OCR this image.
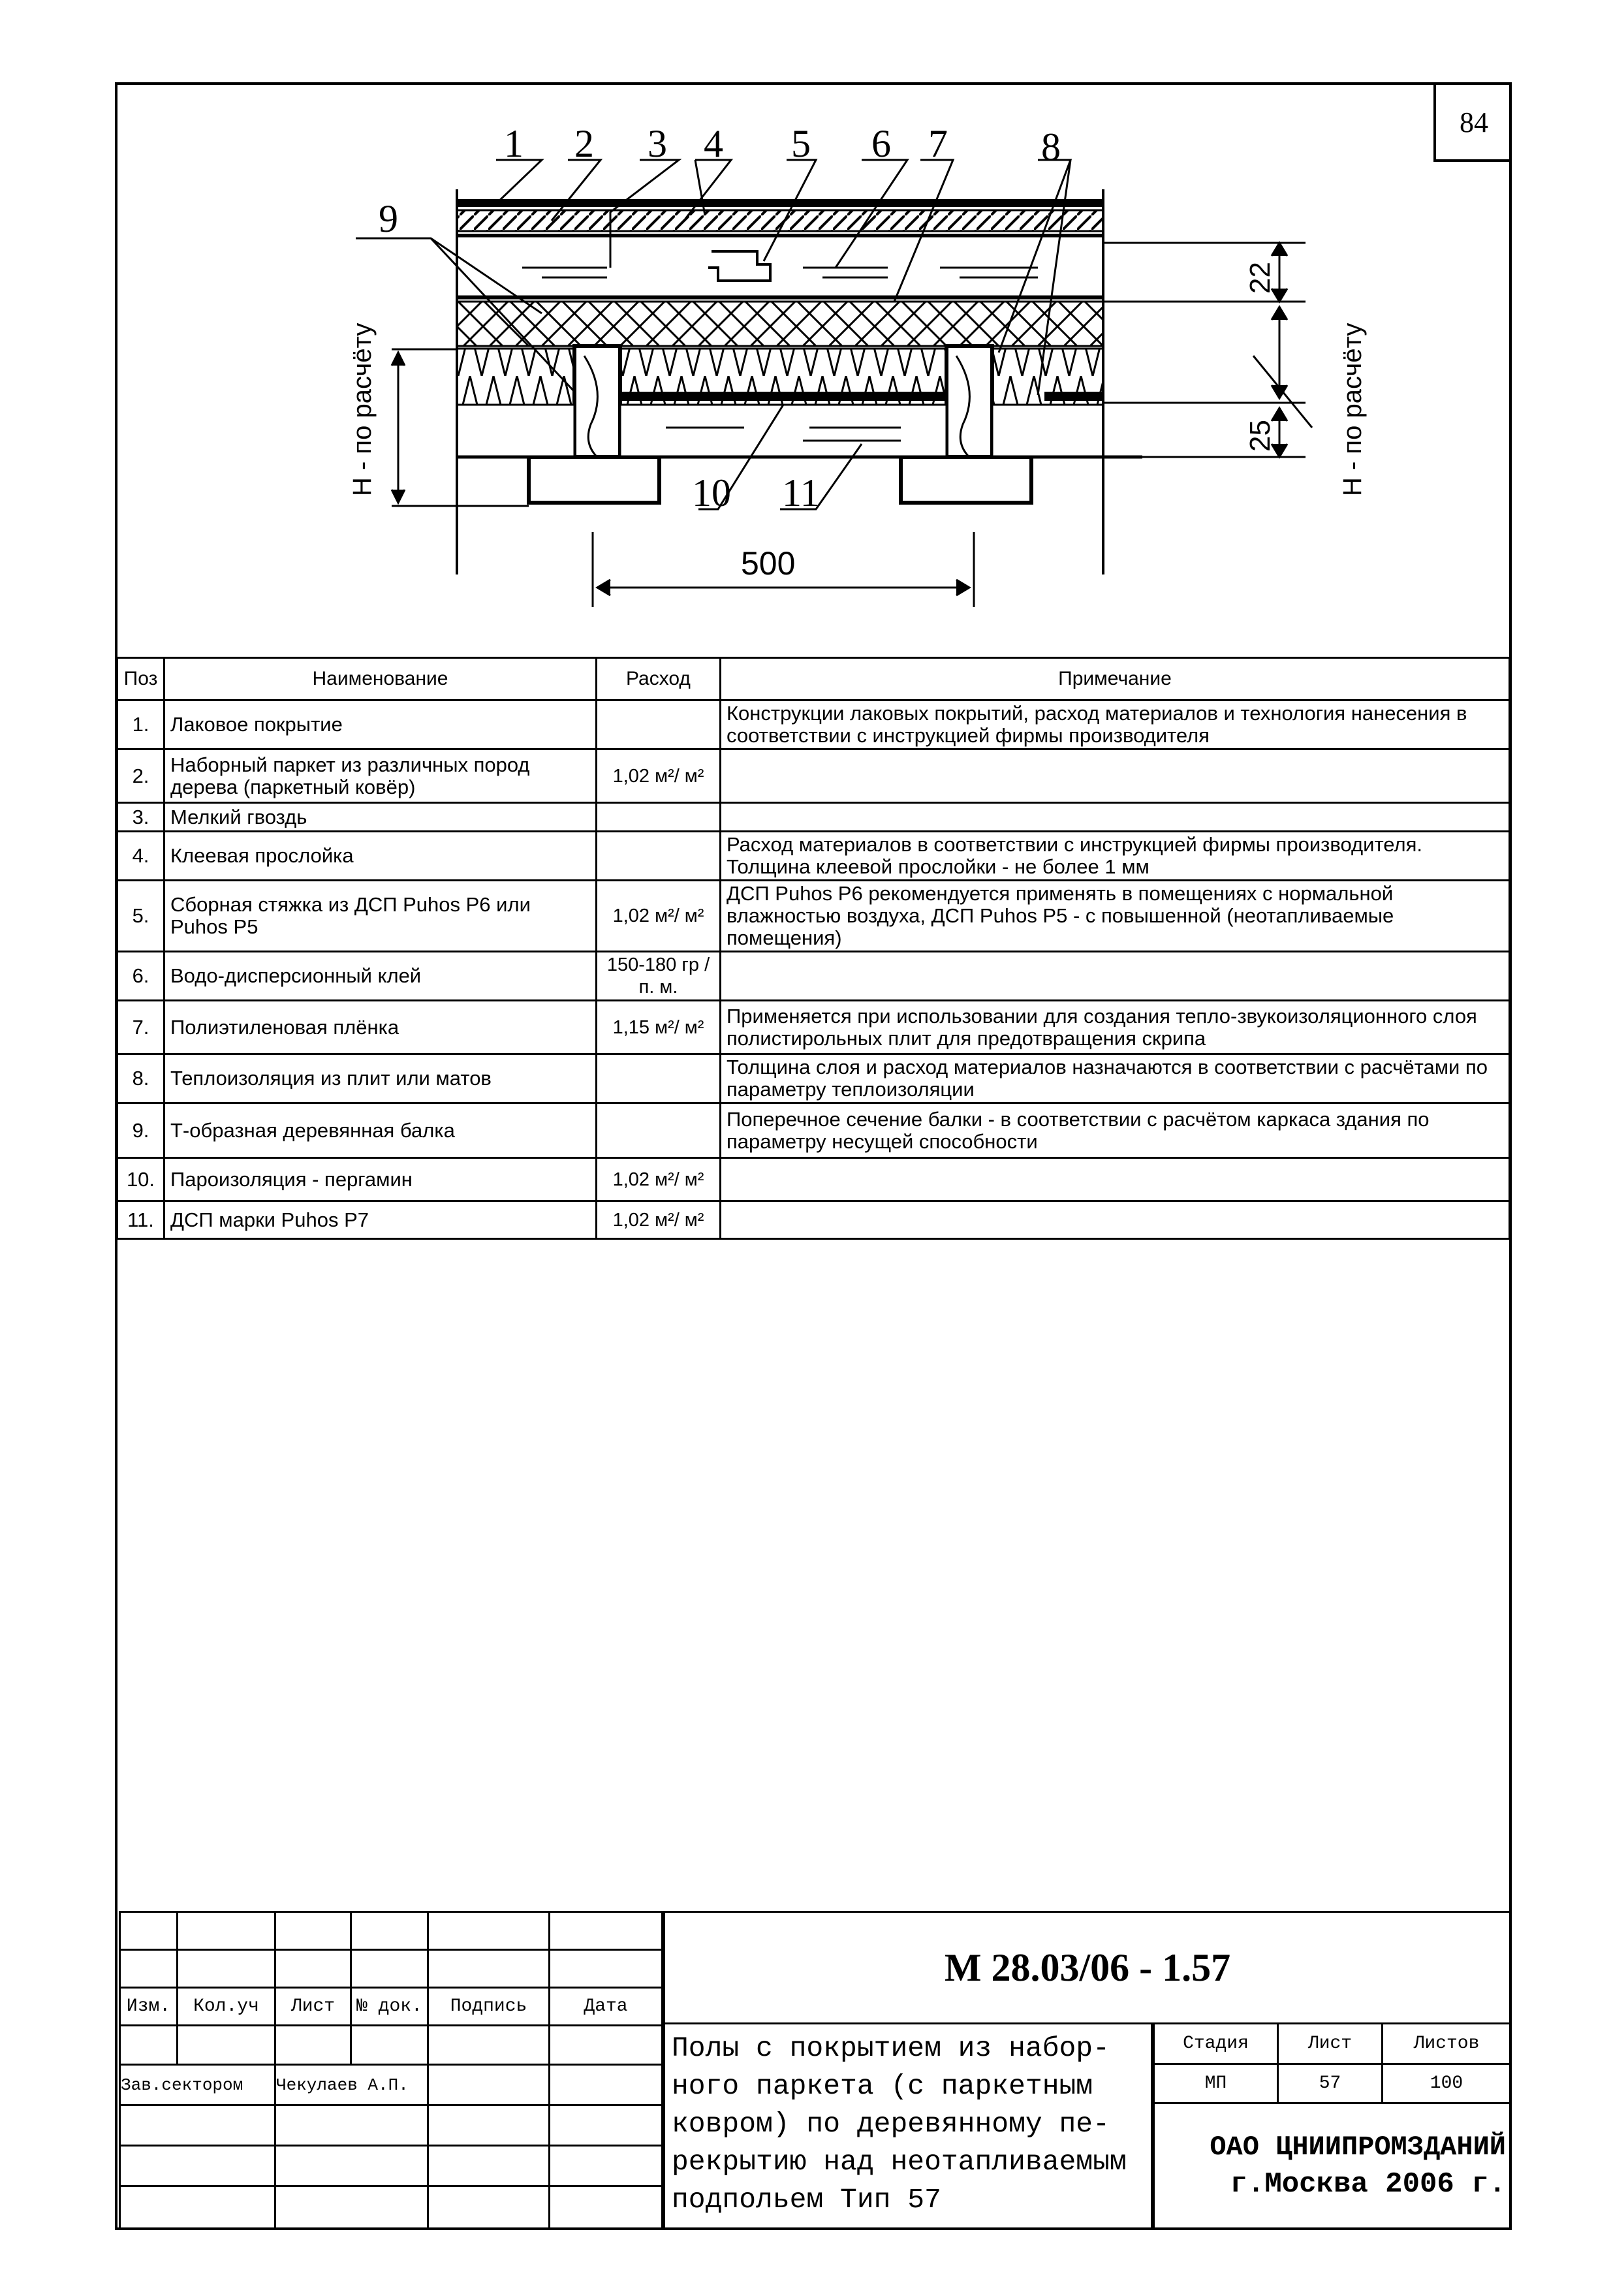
84
1 2 3 4 5 6 7 8
9
10 11
Н - по расчёту	Н - по расчёту
22
25
500
Поз	Наименование	Расход	Примечание
1.	Лаковое покрытие		Конструкции лаковых покрытий, расход материалов и технология нанесения в соответствии с инструкцией фирмы производителя
2.	Наборный паркет из различных пород дерева (паркетный ковёр)	1,02 м²/ м²	
3.	Мелкий гвоздь		
4.	Клеевая прослойка		Расход материалов в соответствии с инструкцией фирмы производителя. Толщина клеевой прослойки - не более 1 мм
5.	Сборная стяжка из ДСП Puhos P6 или Puhos P5	1,02 м²/ м²	ДСП Puhos P6 рекомендуется применять в помещениях с нормальной влажностью воздуха, ДСП Puhos P5 - с повышенной (неотапливаемые помещения)
6.	Водо-дисперсионный клей	150-180 гр /п. м.	
7.	Полиэтиленовая плёнка	1,15 м²/ м²	Применяется при использовании для создания тепло-звукоизоляционного слоя полистирольных плит для предотвращения скрипа
8.	Теплоизоляция из плит или матов		Толщина слоя и расход материалов назначаются в соответствии с расчётами по параметру теплоизоляции
9.	Т-образная деревянная балка		Поперечное сечение балки - в соответствии с расчётом каркаса здания по параметру несущей способности
10.	Пароизоляция - пергамин	1,02 м²/ м²	
11.	ДСП марки Puhos P7	1,02 м²/ м²	

Изм.	Кол.уч	Лист	№ док.	Подпись	Дата

Зав.сектором		Чекулаев А.П.			

М 28.03/06 - 1.57
Полы с покрытием из набор-
ного паркета (с паркетным
ковром) по деревянному пе-
рекрытию над неотапливаемым
подпольем Тип 57
Стадия	Лист	Листов
МП	57	100
ОАО ЦНИИПРОМЗДАНИЙ
г.Москва 2006 г.
